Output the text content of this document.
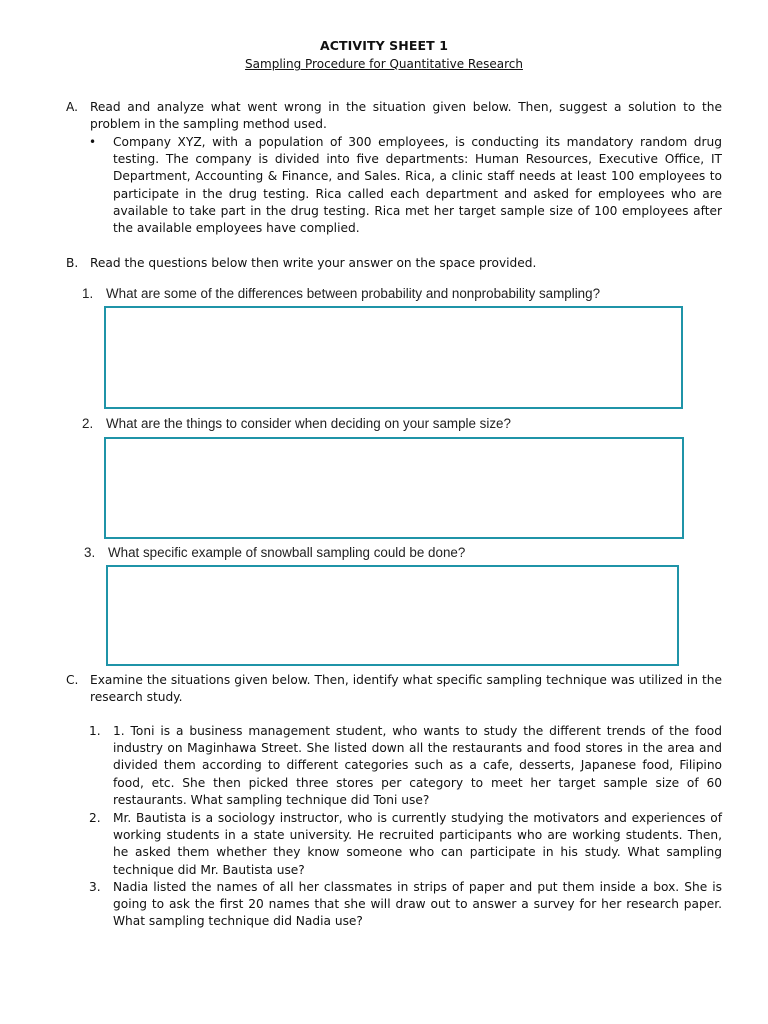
ACTIVITY SHEET 1
Sampling Procedure for Quantitative Research
A. Read and analyze what went wrong in the situation given below. Then, suggest a solution to the problem in the sampling method used.
• Company XYZ, with a population of 300 employees, is conducting its mandatory random drug testing. The company is divided into five departments: Human Resources, Executive Office, IT Department, Accounting & Finance, and Sales. Rica, a clinic staff needs at least 100 employees to participate in the drug testing. Rica called each department and asked for employees who are available to take part in the drug testing. Rica met her target sample size of 100 employees after the available employees have complied.
B. Read the questions below then write your answer on the space provided.
1. What are some of the differences between probability and nonprobability sampling?
2. What are the things to consider when deciding on your sample size?
3. What specific example of snowball sampling could be done?
C. Examine the situations given below. Then, identify what specific sampling technique was utilized in the research study.
1. 1. Toni is a business management student, who wants to study the different trends of the food industry on Maginhawa Street. She listed down all the restaurants and food stores in the area and divided them according to different categories such as a cafe, desserts, Japanese food, Filipino food, etc. She then picked three stores per category to meet her target sample size of 60 restaurants. What sampling technique did Toni use?
2. Mr. Bautista is a sociology instructor, who is currently studying the motivators and experiences of working students in a state university. He recruited participants who are working students. Then, he asked them whether they know someone who can participate in his study. What sampling technique did Mr. Bautista use?
3. Nadia listed the names of all her classmates in strips of paper and put them inside a box. She is going to ask the first 20 names that she will draw out to answer a survey for her research paper. What sampling technique did Nadia use?
